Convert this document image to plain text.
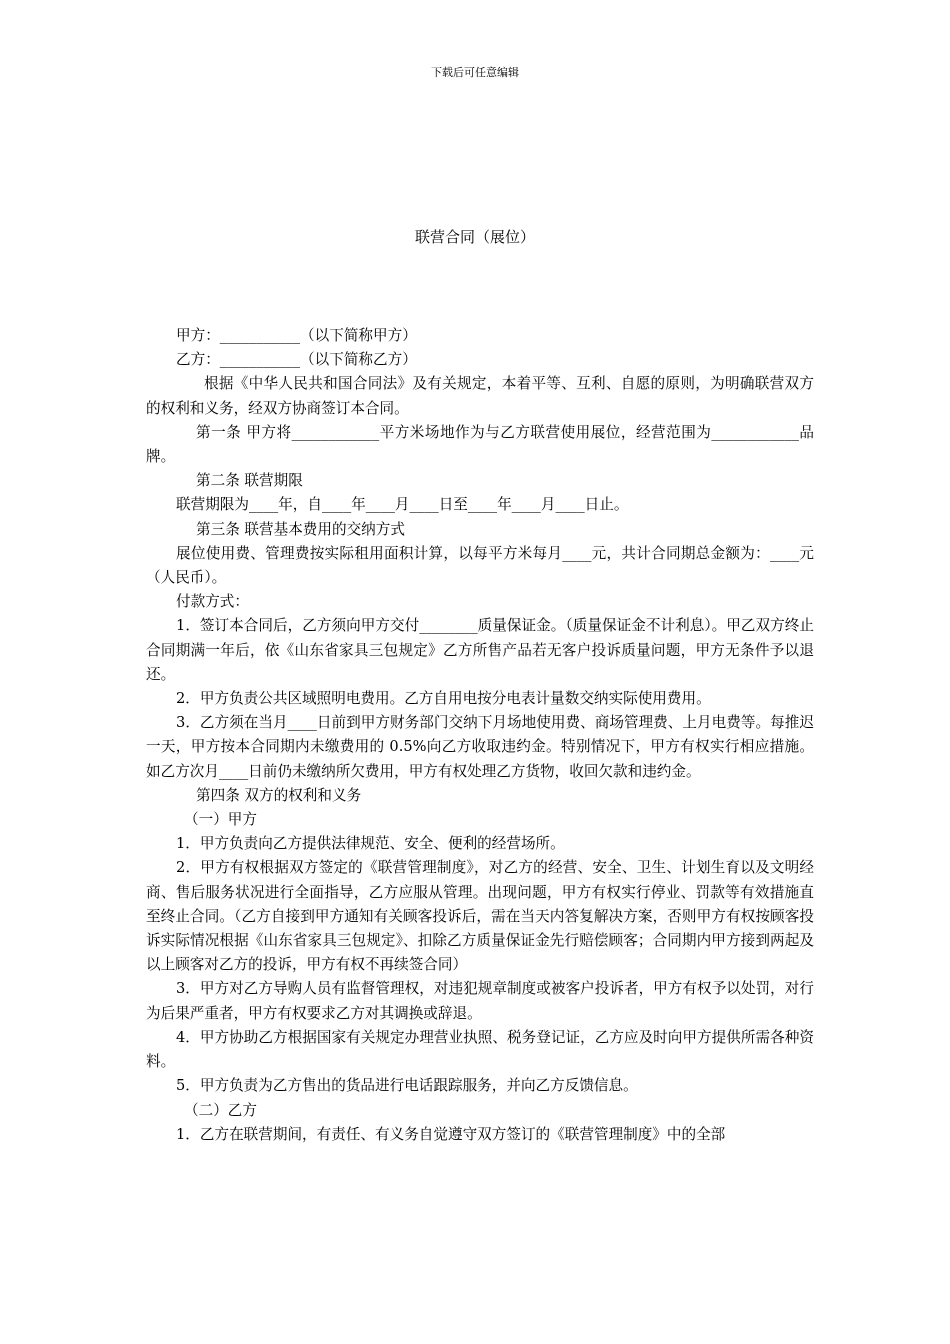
下载后可任意编辑
联营合同（展位）

甲方：___________（以下简称甲方）

乙方：___________（以下简称乙方）

根据《中华人民共和国合同法》及有关规定，本着平等、互利、自愿的原则，为明确联营双方的权利和义务，经双方协商签订本合同。

第一条 甲方将____________平方米场地作为与乙方联营使用展位，经营范围为____________品牌。

第二条 联营期限

联营期限为____年，自____年____月____日至____年____月____日止。

第三条 联营基本费用的交纳方式

展位使用费、管理费按实际租用面积计算，以每平方米每月____元，共计合同期总金额为：____元（人民币）。

付款方式：

1．签订本合同后，乙方须向甲方交付________质量保证金。（质量保证金不计利息）。甲乙双方终止合同期满一年后，依《山东省家具三包规定》乙方所售产品若无客户投诉质量问题，甲方无条件予以退还。

2．甲方负责公共区域照明电费用。乙方自用电按分电表计量数交纳实际使用费用。

3．乙方须在当月____日前到甲方财务部门交纳下月场地使用费、商场管理费、上月电费等。每推迟一天，甲方按本合同期内未缴费用的 0.5%向乙方收取违约金。特别情况下，甲方有权实行相应措施。如乙方次月____日前仍未缴纳所欠费用，甲方有权处理乙方货物，收回欠款和违约金。

第四条 双方的权利和义务

（一）甲方

1．甲方负责向乙方提供法律规范、安全、便利的经营场所。

2．甲方有权根据双方签定的《联营管理制度》，对乙方的经营、安全、卫生、计划生育以及文明经商、售后服务状况进行全面指导，乙方应服从管理。出现问题，甲方有权实行停业、罚款等有效措施直至终止合同。（乙方自接到甲方通知有关顾客投诉后，需在当天内答复解决方案，否则甲方有权按顾客投诉实际情况根据《山东省家具三包规定》、扣除乙方质量保证金先行赔偿顾客；合同期内甲方接到两起及以上顾客对乙方的投诉，甲方有权不再续签合同）

3．甲方对乙方导购人员有监督管理权，对违犯规章制度或被客户投诉者，甲方有权予以处罚，对行为后果严重者，甲方有权要求乙方对其调换或辞退。

4．甲方协助乙方根据国家有关规定办理营业执照、税务登记证，乙方应及时向甲方提供所需各种资料。

5．甲方负责为乙方售出的货品进行电话跟踪服务，并向乙方反馈信息。

（二）乙方

1．乙方在联营期间，有责任、有义务自觉遵守双方签订的《联营管理制度》中的全部
